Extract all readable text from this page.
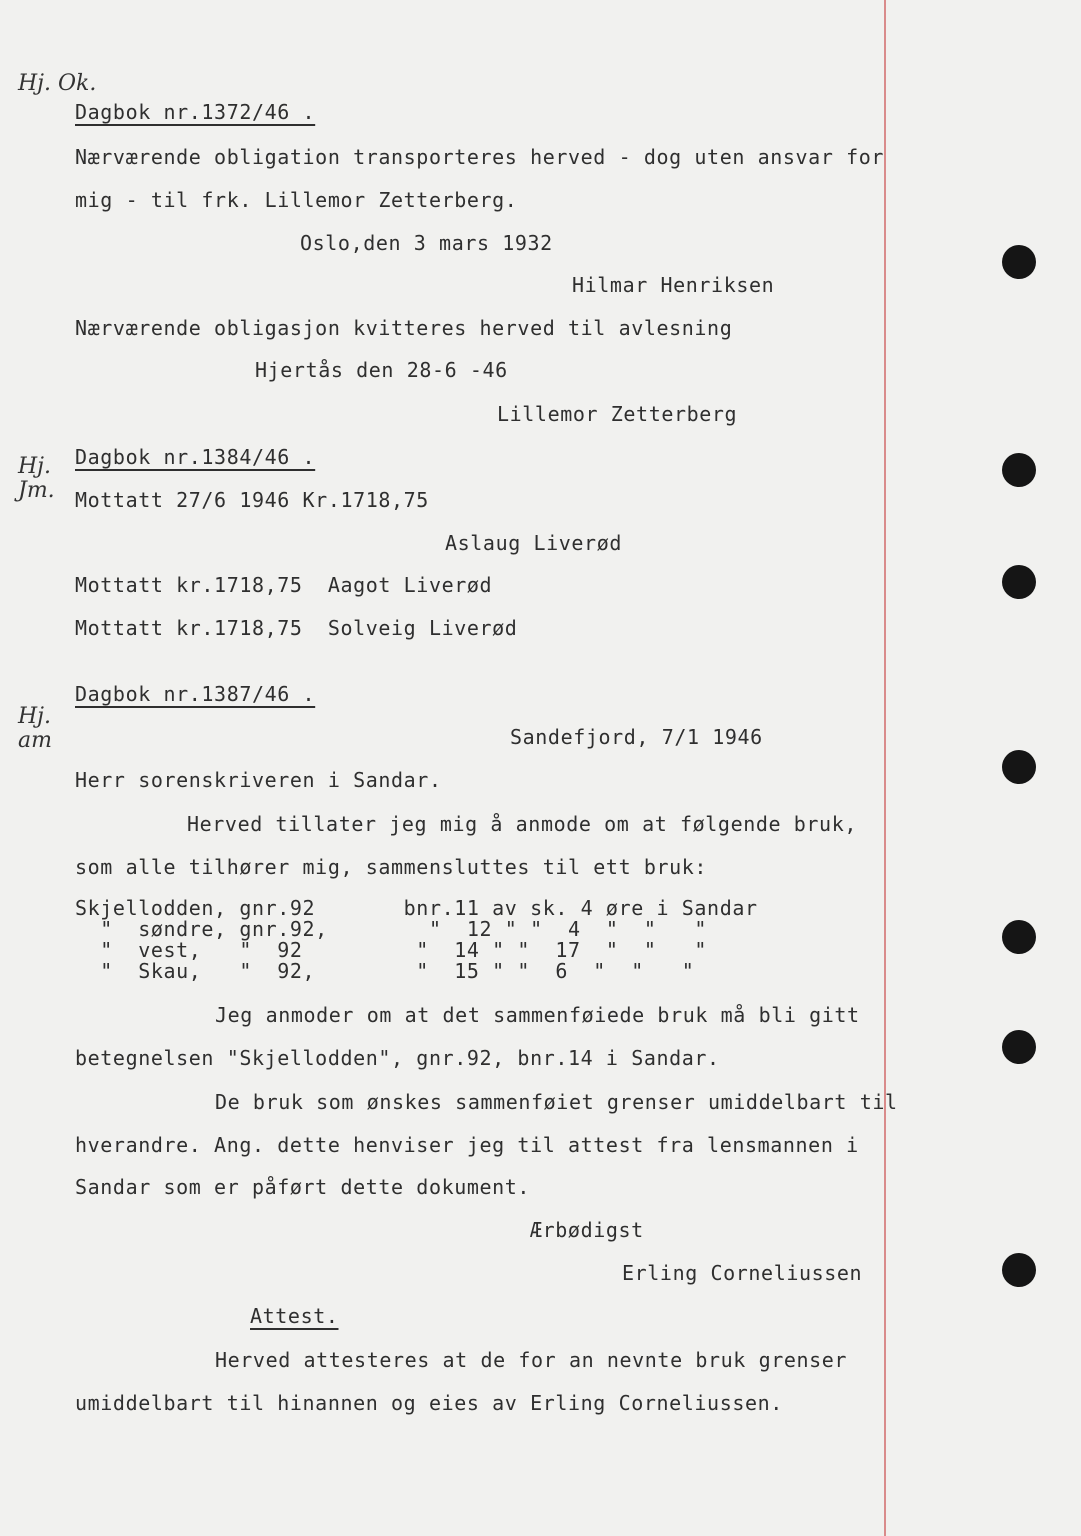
Hj. Ok.
Hj. Jm.
Hj. am
Dagbok nr.1372/46 .
Nærværende obligation transporteres herved - dog uten ansvar for
mig - til frk. Lillemor Zetterberg.
Oslo,den 3 mars 1932
Hilmar Henriksen
Nærværende obligasjon kvitteres herved til avlesning
Hjertås den 28-6 -46
Lillemor Zetterberg
Dagbok nr.1384/46 .
Mottatt 27/6 1946 Kr.1718,75
Aslaug Liverød
Mottatt kr.1718,75  Aagot Liverød
Mottatt kr.1718,75  Solveig Liverød
Dagbok nr.1387/46 .
Sandefjord, 7/1 1946
Herr sorenskriveren i Sandar.
Herved tillater jeg mig å anmode om at følgende bruk,
som alle tilhører mig, sammensluttes til ett bruk:
Skjellodden, gnr.92       bnr.11 av sk. 4 øre i Sandar
"  søndre, gnr.92,        "  12 " "  4  "  "   "
"  vest,   "  92         "  14 " "  17  "  "   "
"  Skau,   "  92,        "  15 " "  6  "  "   "
Jeg anmoder om at det sammenføiede bruk må bli gitt
betegnelsen "Skjellodden", gnr.92, bnr.14 i Sandar.
De bruk som ønskes sammenføiet grenser umiddelbart til
hverandre. Ang. dette henviser jeg til attest fra lensmannen i
Sandar som er påført dette dokument.
Ærbødigst
Erling Corneliussen
Attest.
Herved attesteres at de for an nevnte bruk grenser
umiddelbart til hinannen og eies av Erling Corneliussen.
